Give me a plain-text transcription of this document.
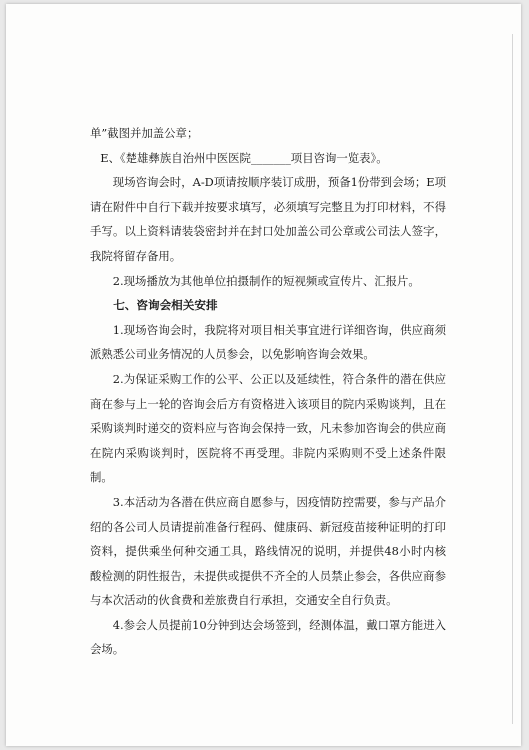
单”截图并加盖公章；

E、《楚雄彝族自治州中医医院_______项目咨询一览表》。

现场咨询会时，A-D项请按顺序装订成册，预备1份带到会场；E项请在附件中自行下载并按要求填写，必须填写完整且为打印材料，不得手写。以上资料请装袋密封并在封口处加盖公司公章或公司法人签字，我院将留存备用。

2.现场播放为其他单位拍摄制作的短视频或宣传片、汇报片。

七、咨询会相关安排

1.现场咨询会时，我院将对项目相关事宜进行详细咨询，供应商须派熟悉公司业务情况的人员参会，以免影响咨询会效果。

2.为保证采购工作的公平、公正以及延续性，符合条件的潜在供应商在参与上一轮的咨询会后方有资格进入该项目的院内采购谈判，且在采购谈判时递交的资料应与咨询会保持一致，凡未参加咨询会的供应商在院内采购谈判时，医院将不再受理。非院内采购则不受上述条件限制。

3.本活动为各潜在供应商自愿参与，因疫情防控需要，参与产品介绍的各公司人员请提前准备行程码、健康码、新冠疫苗接种证明的打印资料，提供乘坐何种交通工具，路线情况的说明，并提供48小时内核酸检测的阴性报告，未提供或提供不齐全的人员禁止参会，各供应商参与本次活动的伙食费和差旅费自行承担，交通安全自行负责。

4.参会人员提前10分钟到达会场签到，经测体温，戴口罩方能进入会场。
